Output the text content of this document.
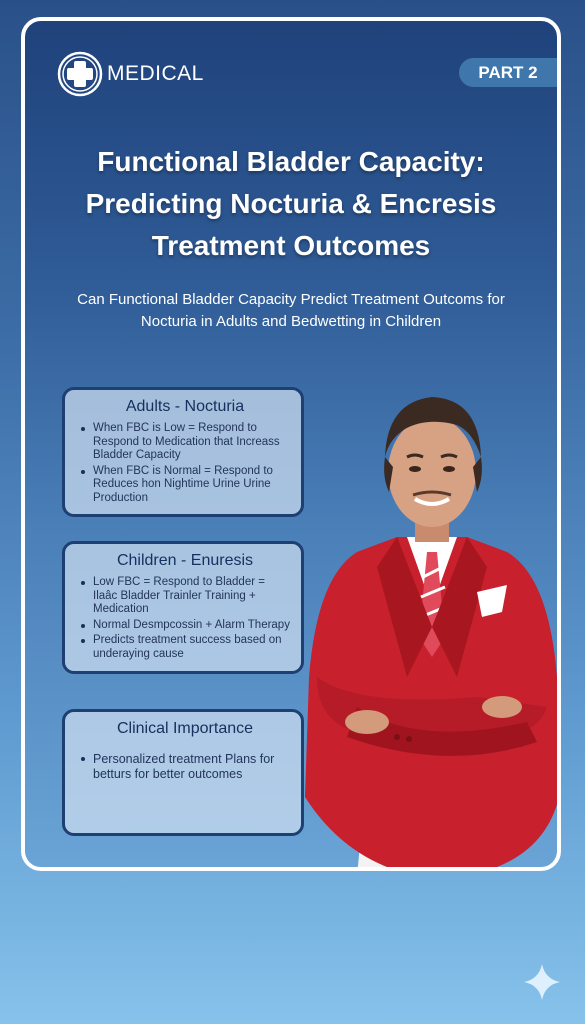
MEDICAL	PART 2
Functional Bladder Capacity:
Predicting Nocturia & Encresis
Treatment Outcomes
Can Functional Bladder Capacity Predict Treatment Outcoms for
Nocturia in Adults and Bedwetting in Children
Adults - Nocturia
When FBC is Low = Respond to Respond to Medication that Increass Bladder Capacity
When FBC is Normal = Respond to Reduces hon Nightime Urine Urine Production
Children - Enuresis
Low FBC = Respond to Bladder = Ilaâc Bladder Trainler Training + Medication
Normal Desmpcossin + Alarm Therapy
Predicts treatment success based on underaying cause
Clinical Importance
Personalized treatment Plans for betturs for better outcomes
